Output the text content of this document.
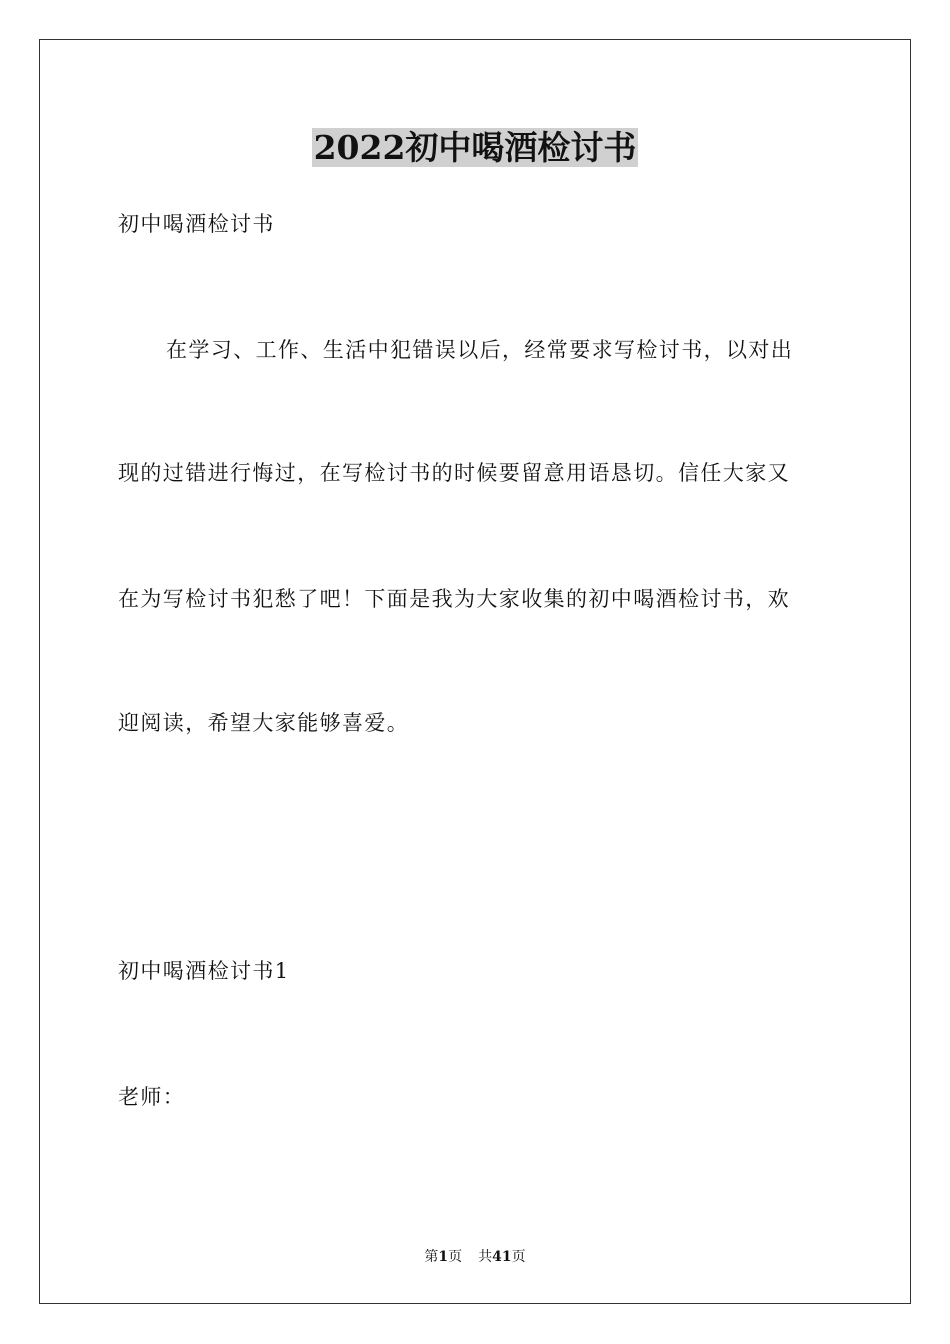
2022初中喝酒检讨书
初中喝酒检讨书
在学习、工作、生活中犯错误以后，经常要求写检讨书，以对出
现的过错进行悔过，在写检讨书的时候要留意用语恳切。信任大家又
在为写检讨书犯愁了吧！下面是我为大家收集的初中喝酒检讨书，欢
迎阅读，希望大家能够喜爱。
初中喝酒检讨书1
老师：
第1页 共41页
